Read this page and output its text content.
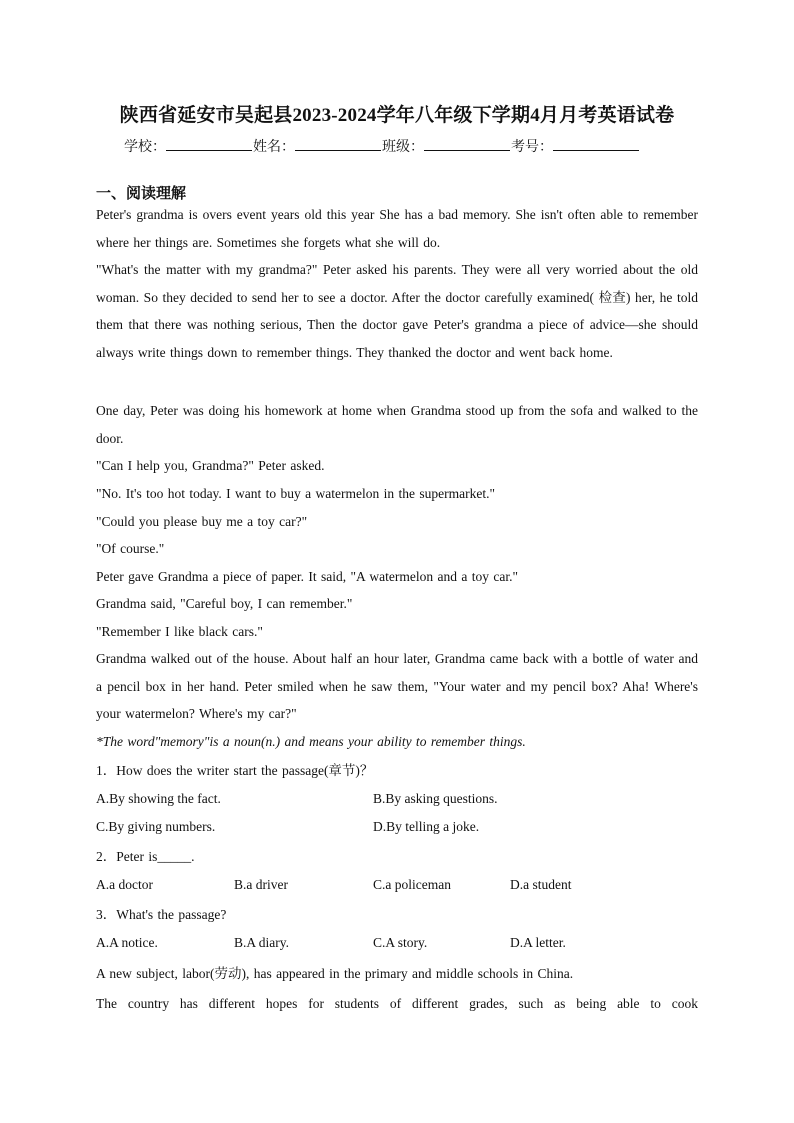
陕西省延安市吴起县2023-2024学年八年级下学期4月月考英语试卷
学校：	姓名：	班级：	考号：
一、阅读理解
Peter's grandma is overs event years old this year She has a bad memory. She isn't often able to remember where her things are. Sometimes she forgets what she will do.
"What's the matter with my grandma?" Peter asked his parents. They were all very worried about the old woman. So they decided to send her to see a doctor. After the doctor carefully examined( 检查) her, he told them that there was nothing serious, Then the doctor gave Peter's grandma a piece of advice—she should always write things down to remember things. They thanked the doctor and went back home.
One day, Peter was doing his homework at home when Grandma stood up from the sofa and walked to the door.
"Can I help you, Grandma?" Peter asked.
"No. It's too hot today. I want to buy a watermelon in the supermarket."
"Could you please buy me a toy car?"
"Of course."
Peter gave Grandma a piece of paper. It said, "A watermelon and a toy car."
Grandma said, "Careful boy, I can remember."
"Remember I like black cars."
Grandma walked out of the house. About half an hour later, Grandma came back with a bottle of water and a pencil box in her hand. Peter smiled when he saw them, "Your water and my pencil box? Aha! Where's your watermelon? Where's my car?"
*The word"memory"is a noun(n.) and means your ability to remember things.
1．How does the writer start the passage(章节)？
A.By showing the fact.	B.By asking questions.
C.By giving numbers.	D.By telling a joke.
2．Peter is_____.
A.a doctor	B.a driver	C.a policeman	D.a student
3．What's the passage?
A.A notice.	B.A diary.	C.A story.	D.A letter.
A new subject, labor(劳动), has appeared in the primary and middle schools in China.
The country has different hopes for students of different grades, such as being able to cook
